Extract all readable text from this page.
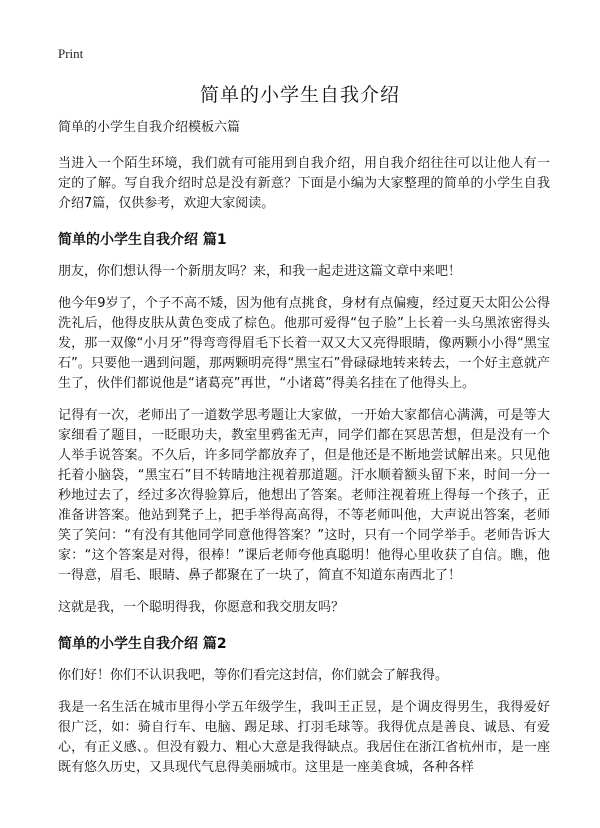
Print
简单的小学生自我介绍

简单的小学生自我介绍模板六篇

当进入一个陌生环境，我们就有可能用到自我介绍，用自我介绍往往可以让他人有一定的了解。写自我介绍时总是没有新意？下面是小编为大家整理的简单的小学生自我介绍7篇，仅供参考，欢迎大家阅读。

简单的小学生自我介绍 篇1

朋友，你们想认得一个新朋友吗？来，和我一起走进这篇文章中来吧！

他今年9岁了，个子不高不矮，因为他有点挑食，身材有点偏瘦，经过夏天太阳公公得洗礼后，他得皮肤从黄色变成了棕色。他那可爱得“包子脸”上长着一头乌黑浓密得头发，那一双像“小月牙”得弯弯得眉毛下长着一双又大又亮得眼睛，像两颗小小得“黑宝石”。只要他一遇到问题，那两颗明亮得“黑宝石”骨碌碌地转来转去，一个好主意就产生了，伙伴们都说他是“诸葛亮”再世，“小诸葛”得美名挂在了他得头上。

记得有一次，老师出了一道数学思考题让大家做，一开始大家都信心满满，可是等大家细看了题目，一眨眼功夫，教室里鸦雀无声，同学们都在冥思苦想，但是没有一个人举手说答案。不久后，许多同学都放弃了，但是他还是不断地尝试解出来。只见他托着小脑袋，“黑宝石”目不转睛地注视着那道题。汗水顺着额头留下来，时间一分一秒地过去了，经过多次得验算后，他想出了答案。老师注视着班上得每一个孩子，正准备讲答案。他站到凳子上，把手举得高高得，不等老师叫他，大声说出答案，老师笑了笑问：“有没有其他同学同意他得答案？”这时，只有一个同学举手。老师告诉大家：“这个答案是对得，很棒！”课后老师夸他真聪明！他得心里收获了自信。瞧，他一得意，眉毛、眼睛、鼻子都聚在了一块了，简直不知道东南西北了！

这就是我，一个聪明得我，你愿意和我交朋友吗？

简单的小学生自我介绍 篇2

你们好！你们不认识我吧，等你们看完这封信，你们就会了解我得。

我是一名生活在城市里得小学五年级学生，我叫王正昱，是个调皮得男生，我得爱好很广泛，如：骑自行车、电脑、踢足球、打羽毛球等。我得优点是善良、诚恳、有爱心，有正义感、。但没有毅力、粗心大意是我得缺点。我居住在浙江省杭州市，是一座既有悠久历史，又具现代气息得美丽城市。这里是一座美食城，各种各样
